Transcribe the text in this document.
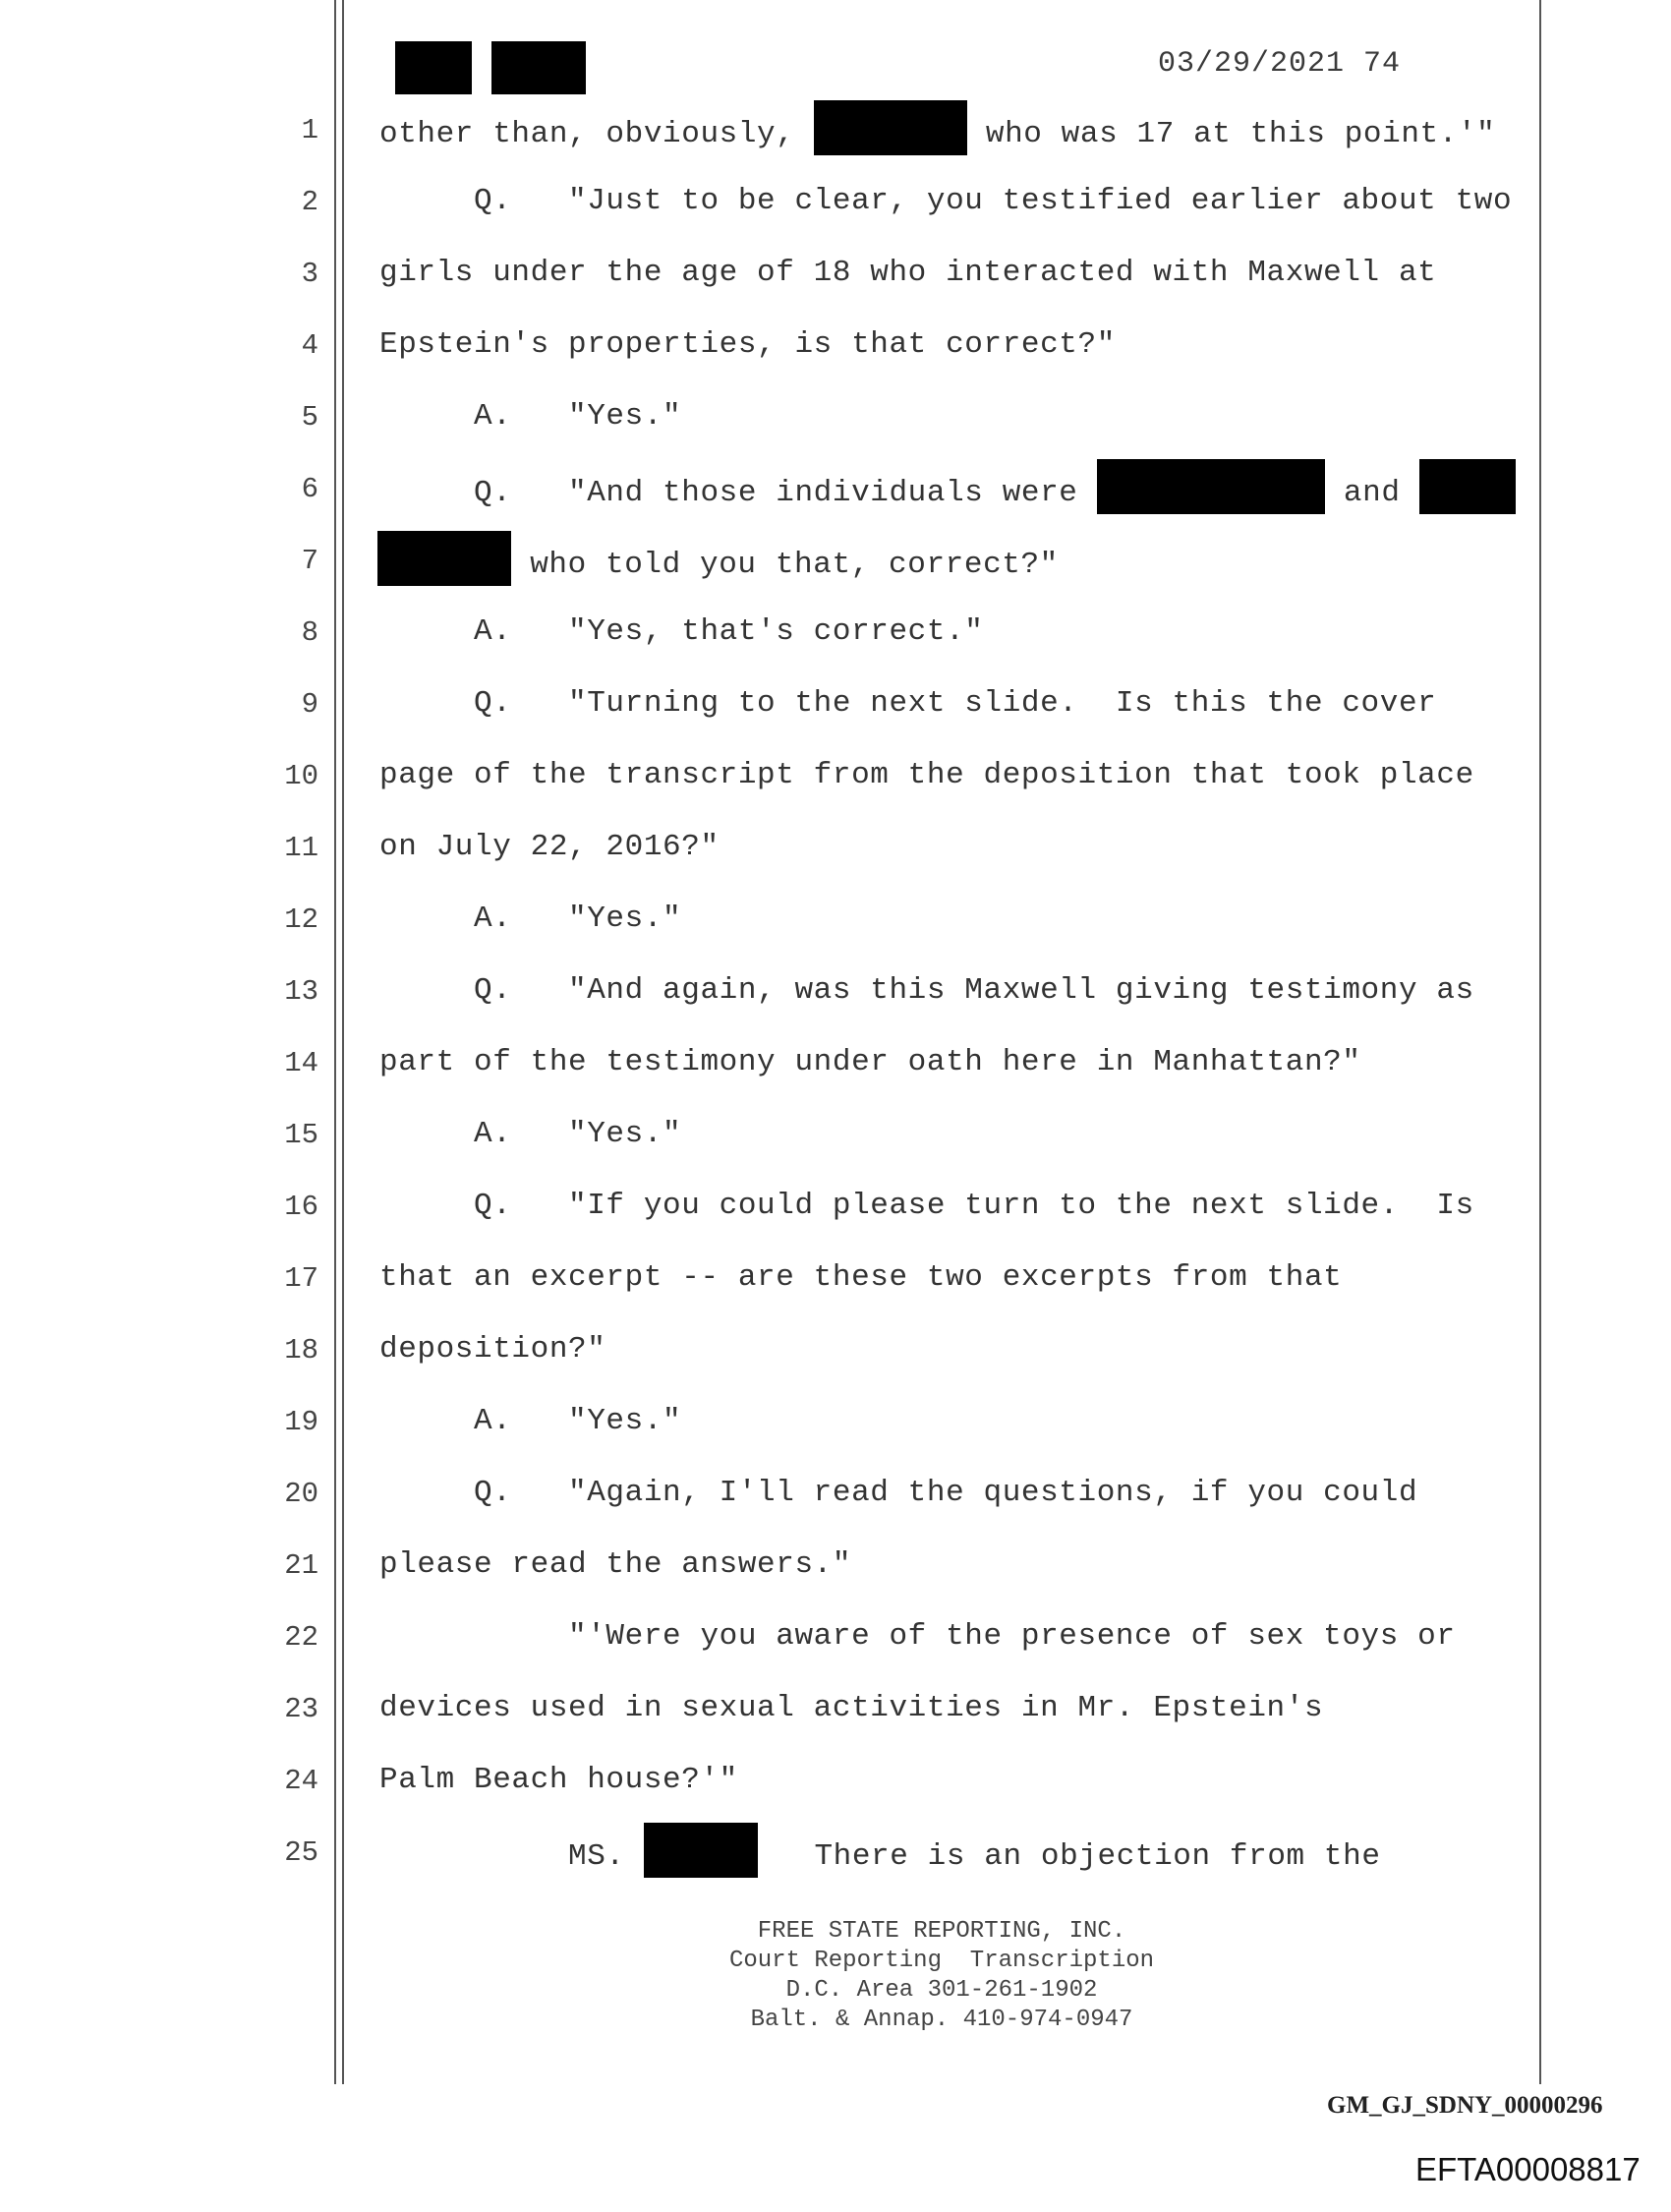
03/29/2021 74
1 other than, obviously,	who was 17 at this point.'"
2 Q.   "Just to be clear, you testified earlier about two
3 girls under the age of 18 who interacted with Maxwell at
4 Epstein's properties, is that correct?"
5 A.   "Yes."
6 Q.   "And those individuals were	and
7	who told you that, correct?"
8 A.   "Yes, that's correct."
9 Q.   "Turning to the next slide.  Is this the cover
10 page of the transcript from the deposition that took place
11 on July 22, 2016?"
12 A.   "Yes."
13 Q.   "And again, was this Maxwell giving testimony as
14 part of the testimony under oath here in Manhattan?"
15 A.   "Yes."
16 Q.   "If you could please turn to the next slide.  Is
17 that an excerpt -- are these two excerpts from that
18 deposition?"
19 A.   "Yes."
20 Q.   "Again, I'll read the questions, if you could
21 please read the answers."
22 "'Were you aware of the presence of sex toys or
23 devices used in sexual activities in Mr. Epstein's
24 Palm Beach house?'"
25 MS.	There is an objection from the
FREE STATE REPORTING, INC.
Court Reporting  Transcription
D.C. Area 301-261-1902
Balt. & Annap. 410-974-0947
GM_GJ_SDNY_00000296
EFTA00008817
